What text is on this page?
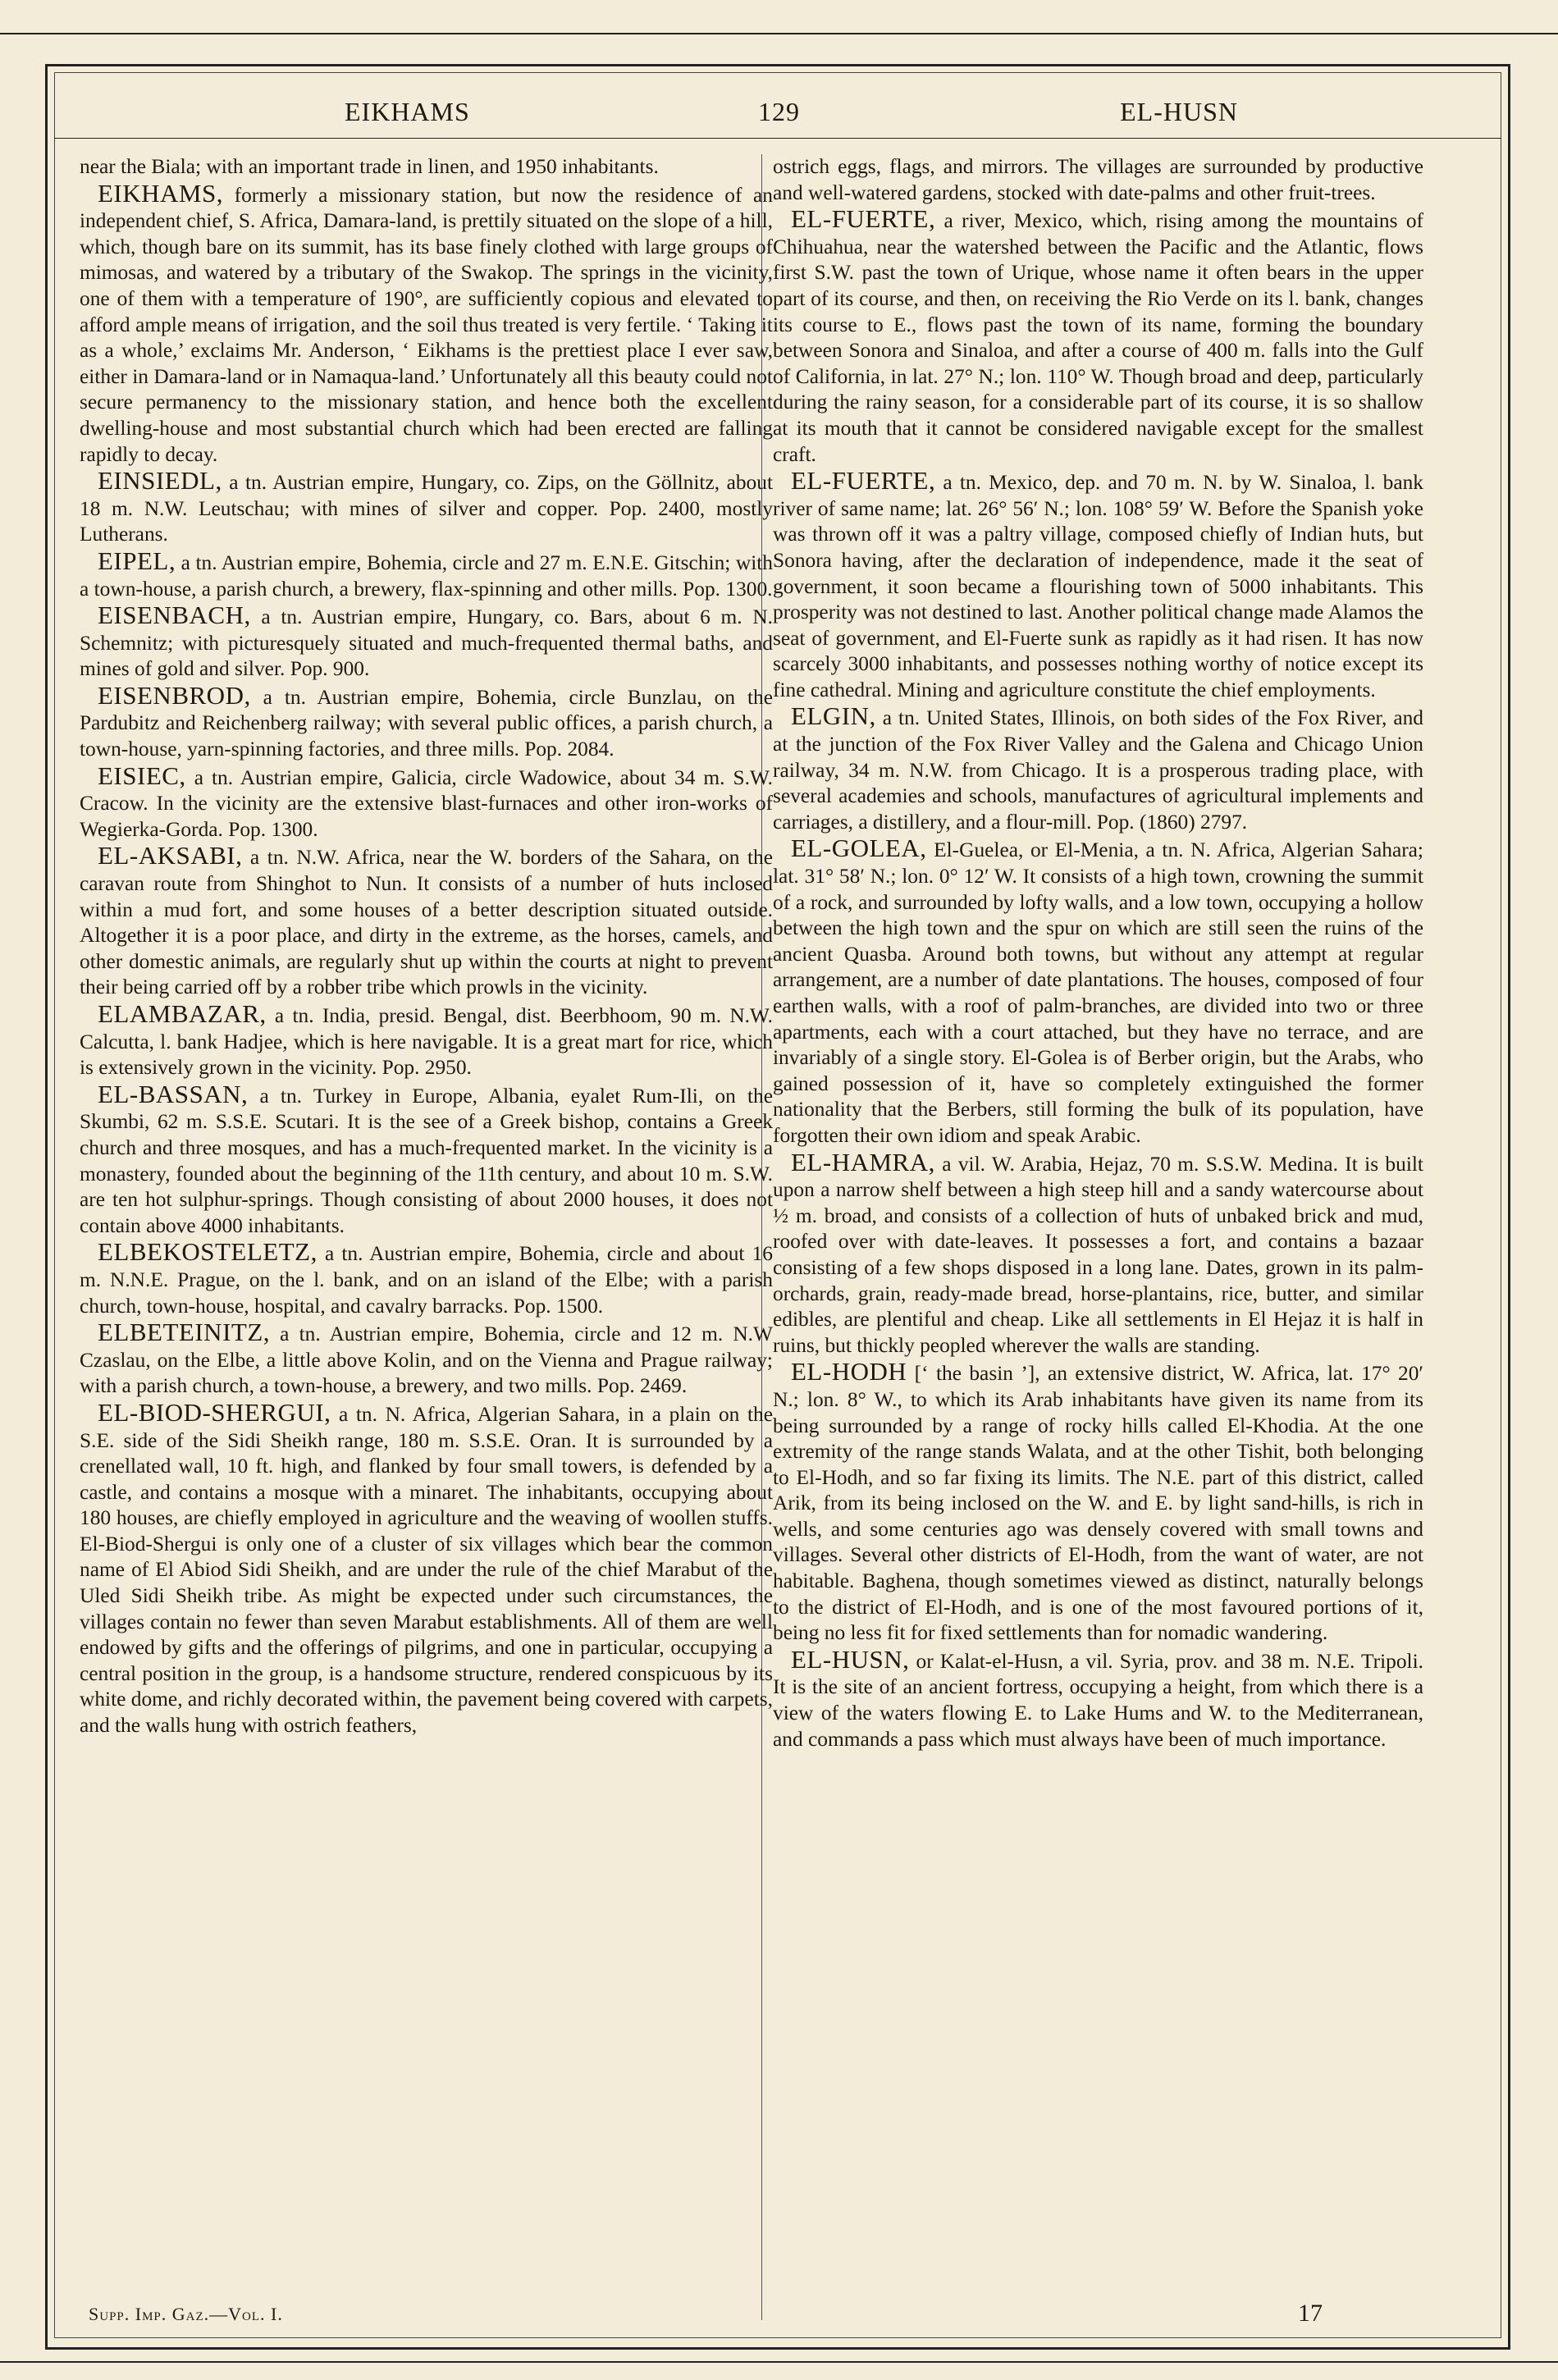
EIKHAMS	129	EL-HUSN

near the Biala; with an important trade in linen, and 1950 inhabitants.

EIKHAMS, formerly a missionary station, but now the residence of an independent chief, S. Africa, Damara-land, is prettily situated on the slope of a hill, which, though bare on its summit, has its base finely clothed with large groups of mimosas, and watered by a tributary of the Swakop. The springs in the vicinity, one of them with a temperature of 190°, are sufficiently copious and elevated to afford ample means of irrigation, and the soil thus treated is very fertile. ‘ Taking it as a whole,’ exclaims Mr. Anderson, ‘ Eikhams is the prettiest place I ever saw, either in Damara-land or in Namaqua-land.’ Unfortunately all this beauty could not secure permanency to the missionary station, and hence both the excellent dwelling-house and most substantial church which had been erected are falling rapidly to decay.

EINSIEDL, a tn. Austrian empire, Hungary, co. Zips, on the Göllnitz, about 18 m. N.W. Leutschau; with mines of silver and copper. Pop. 2400, mostly Lutherans.

EIPEL, a tn. Austrian empire, Bohemia, circle and 27 m. E.N.E. Gitschin; with a town-house, a parish church, a brewery, flax-spinning and other mills. Pop. 1300.

EISENBACH, a tn. Austrian empire, Hungary, co. Bars, about 6 m. N. Schemnitz; with picturesquely situated and much-frequented thermal baths, and mines of gold and silver. Pop. 900.

EISENBROD, a tn. Austrian empire, Bohemia, circle Bunzlau, on the Pardubitz and Reichenberg railway; with several public offices, a parish church, a town-house, yarn-spinning factories, and three mills. Pop. 2084.

EISIEC, a tn. Austrian empire, Galicia, circle Wadowice, about 34 m. S.W. Cracow. In the vicinity are the extensive blast-furnaces and other iron-works of Wegierka-Gorda. Pop. 1300.

EL-AKSABI, a tn. N.W. Africa, near the W. borders of the Sahara, on the caravan route from Shinghot to Nun. It consists of a number of huts inclosed within a mud fort, and some houses of a better description situated outside. Altogether it is a poor place, and dirty in the extreme, as the horses, camels, and other domestic animals, are regularly shut up within the courts at night to prevent their being carried off by a robber tribe which prowls in the vicinity.

ELAMBAZAR, a tn. India, presid. Bengal, dist. Beerbhoom, 90 m. N.W. Calcutta, l. bank Hadjee, which is here navigable. It is a great mart for rice, which is extensively grown in the vicinity. Pop. 2950.

EL-BASSAN, a tn. Turkey in Europe, Albania, eyalet Rum-Ili, on the Skumbi, 62 m. S.S.E. Scutari. It is the see of a Greek bishop, contains a Greek church and three mosques, and has a much-frequented market. In the vicinity is a monastery, founded about the beginning of the 11th century, and about 10 m. S.W. are ten hot sulphur-springs. Though consisting of about 2000 houses, it does not contain above 4000 inhabitants.

ELBEKOSTELETZ, a tn. Austrian empire, Bohemia, circle and about 16 m. N.N.E. Prague, on the l. bank, and on an island of the Elbe; with a parish church, town-house, hospital, and cavalry barracks. Pop. 1500.

ELBETEINITZ, a tn. Austrian empire, Bohemia, circle and 12 m. N.W Czaslau, on the Elbe, a little above Kolin, and on the Vienna and Prague railway; with a parish church, a town-house, a brewery, and two mills. Pop. 2469.

EL-BIOD-SHERGUI, a tn. N. Africa, Algerian Sahara, in a plain on the S.E. side of the Sidi Sheikh range, 180 m. S.S.E. Oran. It is surrounded by a crenellated wall, 10 ft. high, and flanked by four small towers, is defended by a castle, and contains a mosque with a minaret. The inhabitants, occupying about 180 houses, are chiefly employed in agriculture and the weaving of woollen stuffs. El-Biod-Shergui is only one of a cluster of six villages which bear the common name of El Abiod Sidi Sheikh, and are under the rule of the chief Marabut of the Uled Sidi Sheikh tribe. As might be expected under such circumstances, the villages contain no fewer than seven Marabut establishments. All of them are well endowed by gifts and the offerings of pilgrims, and one in particular, occupying a central position in the group, is a handsome structure, rendered conspicuous by its white dome, and richly decorated within, the pavement being covered with carpets, and the walls hung with ostrich feathers,

ostrich eggs, flags, and mirrors. The villages are surrounded by productive and well-watered gardens, stocked with date-palms and other fruit-trees.

EL-FUERTE, a river, Mexico, which, rising among the mountains of Chihuahua, near the watershed between the Pacific and the Atlantic, flows first S.W. past the town of Urique, whose name it often bears in the upper part of its course, and then, on receiving the Rio Verde on its l. bank, changes its course to E., flows past the town of its name, forming the boundary between Sonora and Sinaloa, and after a course of 400 m. falls into the Gulf of California, in lat. 27° N.; lon. 110° W. Though broad and deep, particularly during the rainy season, for a considerable part of its course, it is so shallow at its mouth that it cannot be considered navigable except for the smallest craft.

EL-FUERTE, a tn. Mexico, dep. and 70 m. N. by W. Sinaloa, l. bank river of same name; lat. 26° 56′ N.; lon. 108° 59′ W. Before the Spanish yoke was thrown off it was a paltry village, composed chiefly of Indian huts, but Sonora having, after the declaration of independence, made it the seat of government, it soon became a flourishing town of 5000 inhabitants. This prosperity was not destined to last. Another political change made Alamos the seat of government, and El-Fuerte sunk as rapidly as it had risen. It has now scarcely 3000 inhabitants, and possesses nothing worthy of notice except its fine cathedral. Mining and agriculture constitute the chief employments.

ELGIN, a tn. United States, Illinois, on both sides of the Fox River, and at the junction of the Fox River Valley and the Galena and Chicago Union railway, 34 m. N.W. from Chicago. It is a prosperous trading place, with several academies and schools, manufactures of agricultural implements and carriages, a distillery, and a flour-mill. Pop. (1860) 2797.

EL-GOLEA, El-Guelea, or El-Menia, a tn. N. Africa, Algerian Sahara; lat. 31° 58′ N.; lon. 0° 12′ W. It consists of a high town, crowning the summit of a rock, and surrounded by lofty walls, and a low town, occupying a hollow between the high town and the spur on which are still seen the ruins of the ancient Quasba. Around both towns, but without any attempt at regular arrangement, are a number of date plantations. The houses, composed of four earthen walls, with a roof of palm-branches, are divided into two or three apartments, each with a court attached, but they have no terrace, and are invariably of a single story. El-Golea is of Berber origin, but the Arabs, who gained possession of it, have so completely extinguished the former nationality that the Berbers, still forming the bulk of its population, have forgotten their own idiom and speak Arabic.

EL-HAMRA, a vil. W. Arabia, Hejaz, 70 m. S.S.W. Medina. It is built upon a narrow shelf between a high steep hill and a sandy watercourse about ½ m. broad, and consists of a collection of huts of unbaked brick and mud, roofed over with date-leaves. It possesses a fort, and contains a bazaar consisting of a few shops disposed in a long lane. Dates, grown in its palm-orchards, grain, ready-made bread, horse-plantains, rice, butter, and similar edibles, are plentiful and cheap. Like all settlements in El Hejaz it is half in ruins, but thickly peopled wherever the walls are standing.

EL-HODH [‘ the basin ’], an extensive district, W. Africa, lat. 17° 20′ N.; lon. 8° W., to which its Arab inhabitants have given its name from its being surrounded by a range of rocky hills called El-Khodia. At the one extremity of the range stands Walata, and at the other Tishit, both belonging to El-Hodh, and so far fixing its limits. The N.E. part of this district, called Arik, from its being inclosed on the W. and E. by light sand-hills, is rich in wells, and some centuries ago was densely covered with small towns and villages. Several other districts of El-Hodh, from the want of water, are not habitable. Baghena, though sometimes viewed as distinct, naturally belongs to the district of El-Hodh, and is one of the most favoured portions of it, being no less fit for fixed settlements than for nomadic wandering.

EL-HUSN, or Kalat-el-Husn, a vil. Syria, prov. and 38 m. N.E. Tripoli. It is the site of an ancient fortress, occupying a height, from which there is a view of the waters flowing E. to Lake Hums and W. to the Mediterranean, and commands a pass which must always have been of much importance.

Supp. Imp. Gaz.—Vol. I.	17
